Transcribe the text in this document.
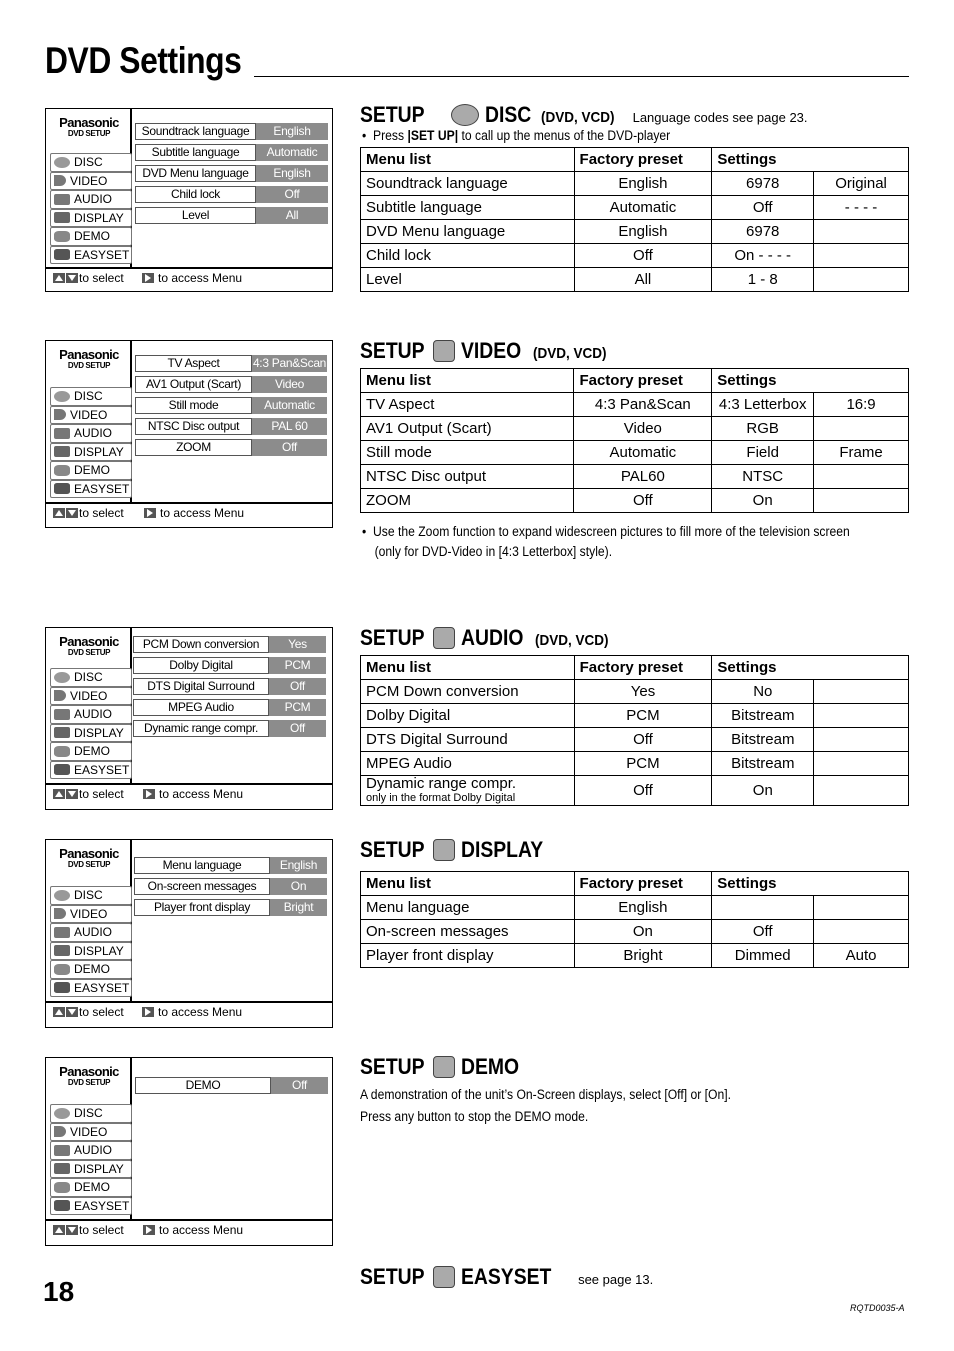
DVD Settings
Panasonic
DVD SETUP
DISC
VIDEO
AUDIO
DISPLAY
DEMO
EASYSET
Soundtrack language	English
Subtitle language	Automatic
DVD Menu language	English
Child lock	Off
Level	All
to select	to access Menu
Panasonic
DVD SETUP
DISC
VIDEO
AUDIO
DISPLAY
DEMO
EASYSET
TV Aspect	4:3 Pan&Scan
AV1 Output (Scart)	Video
Still mode	Automatic
NTSC Disc output	PAL 60
ZOOM	Off
to select	to access Menu
Panasonic
DVD SETUP
DISC
VIDEO
AUDIO
DISPLAY
DEMO
EASYSET
PCM Down conversion	Yes
Dolby Digital	PCM
DTS Digital Surround	Off
MPEG Audio	PCM
Dynamic range compr.	Off
to select	to access Menu
Panasonic
DVD SETUP
DISC
VIDEO
AUDIO
DISPLAY
DEMO
EASYSET
Menu language	English
On-screen messages	On
Player front display	Bright
to select	to access Menu
Panasonic
DVD SETUP
DISC
VIDEO
AUDIO
DISPLAY
DEMO
EASYSET
DEMO	Off
to select	to access Menu
SETUP	DISC (DVD, VCD) Language codes see page 23.
•  Press |SET UP| to call up the menus of the DVD-player
Menu list	Factory preset	Settings	
Soundtrack language	English	6978	Original
Subtitle language	Automatic	Off	- - - -
DVD Menu language	English	6978	
Child lock	Off	On - - - -	
Level	All	1 - 8	
SETUP VIDEO (DVD, VCD)
Menu list	Factory preset	Settings	
TV Aspect	4:3 Pan&Scan	4:3 Letterbox	16:9
AV1 Output (Scart)	Video	RGB	
Still mode	Automatic	Field	Frame
NTSC Disc output	PAL60	NTSC	
ZOOM	Off	On	
•  Use the Zoom function to expand widescreen pictures to fill more of the television screen
(only for DVD-Video in [4:3 Letterbox] style).
SETUP AUDIO (DVD, VCD)
Menu list	Factory preset	Settings	
PCM Down conversion	Yes	No	
Dolby Digital	PCM	Bitstream	
DTS Digital Surround	Off	Bitstream	
MPEG Audio	PCM	Bitstream	
Dynamic range compr.
only in the format Dolby Digital	Off	On	
SETUP DISPLAY
Menu list	Factory preset	Settings	
Menu language	English		
On-screen messages	On	Off	
Player front display	Bright	Dimmed	Auto
SETUP DEMO
A demonstration of the unit’s On-Screen displays, select [Off] or [On].
Press any button to stop the DEMO mode.
SETUP EASYSET see page 13.
18
RQTD0035-A
